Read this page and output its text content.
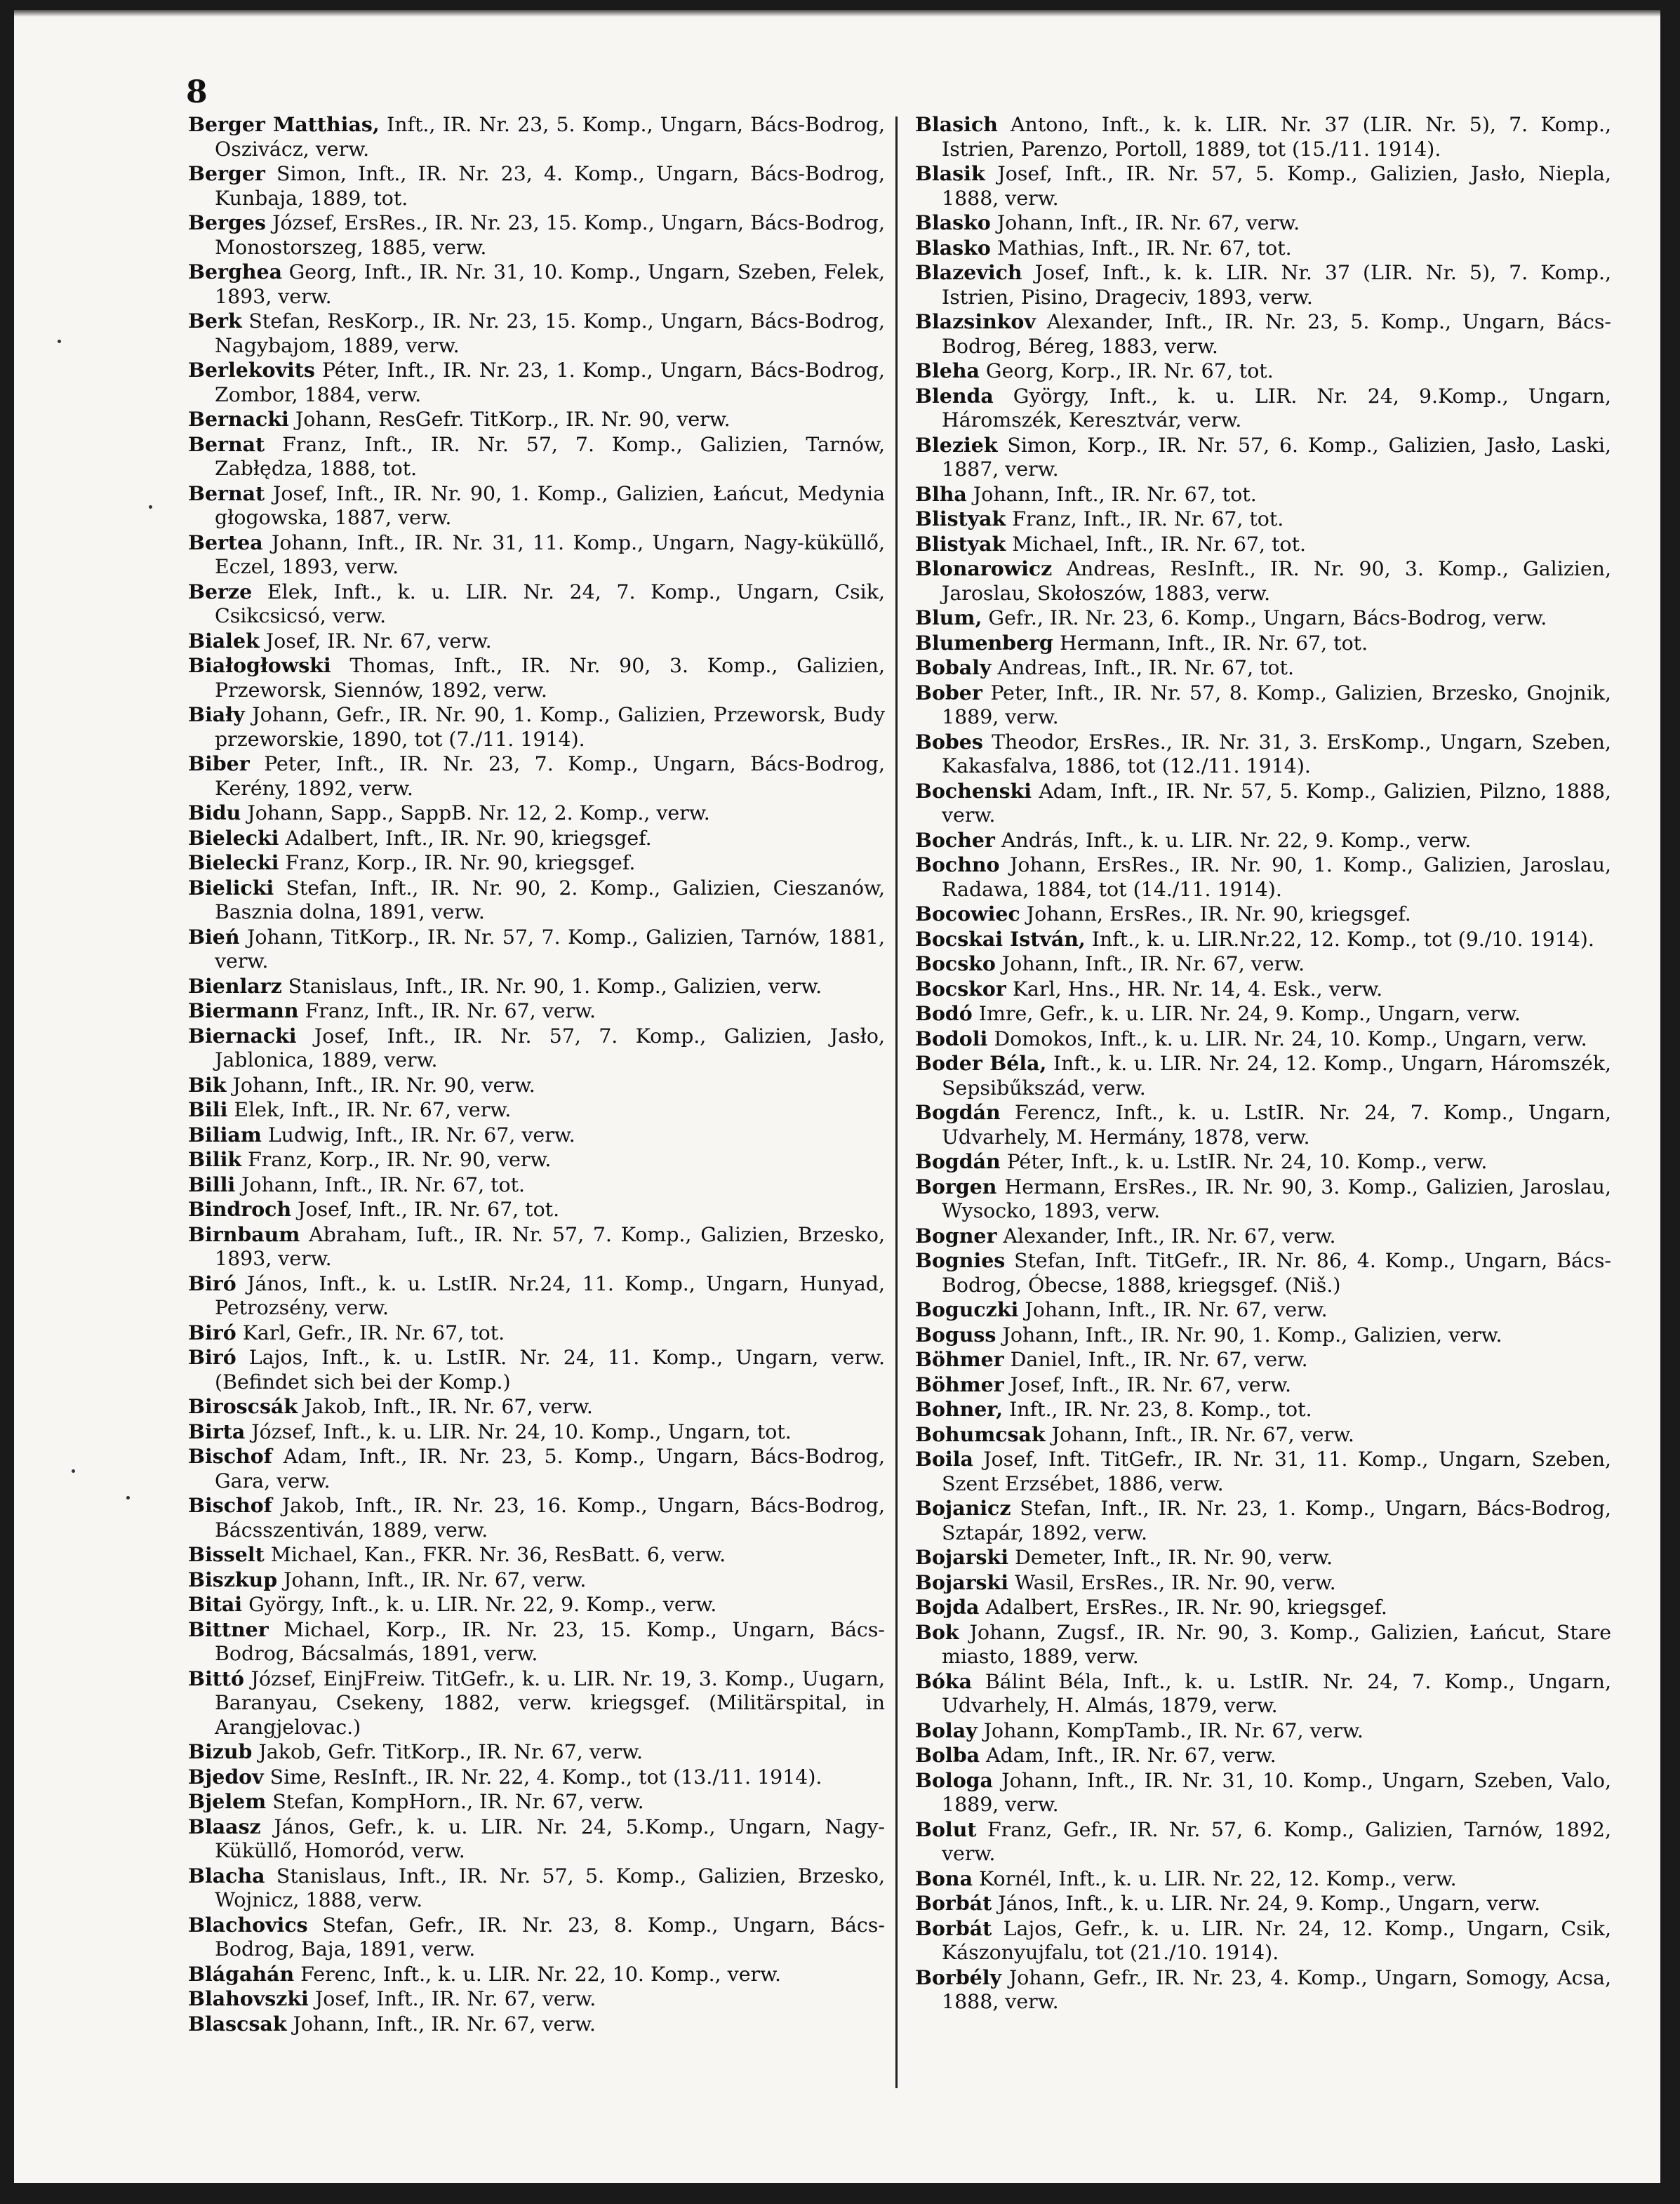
8

Berger Matthias, Inft., IR. Nr. 23, 5. Komp., Ungarn, Bács-Bodrog, Oszivácz, verw.

Berger Simon, Inft., IR. Nr. 23, 4. Komp., Ungarn, Bács-Bodrog, Kunbaja, 1889, tot.

Berges József, ErsRes., IR. Nr. 23, 15. Komp., Ungarn, Bács-Bodrog, Monostorszeg, 1885, verw.

Berghea Georg, Inft., IR. Nr. 31, 10. Komp., Ungarn, Szeben, Felek, 1893, verw.

Berk Stefan, ResKorp., IR. Nr. 23, 15. Komp., Ungarn, Bács-Bodrog, Nagybajom, 1889, verw.

Berlekovits Péter, Inft., IR. Nr. 23, 1. Komp., Ungarn, Bács-Bodrog, Zombor, 1884, verw.

Bernacki Johann, ResGefr. TitKorp., IR. Nr. 90, verw.

Bernat Franz, Inft., IR. Nr. 57, 7. Komp., Galizien, Tarnów, Zabłędza, 1888, tot.

Bernat Josef, Inft., IR. Nr. 90, 1. Komp., Galizien, Łańcut, Medynia głogowska, 1887, verw.

Bertea Johann, Inft., IR. Nr. 31, 11. Komp., Ungarn, Nagy-küküllő, Eczel, 1893, verw.

Berze Elek, Inft., k. u. LIR. Nr. 24, 7. Komp., Ungarn, Csik, Csikcsicsó, verw.

Bialek Josef, IR. Nr. 67, verw.

Białogłowski Thomas, Inft., IR. Nr. 90, 3. Komp., Galizien, Przeworsk, Siennów, 1892, verw.

Biały Johann, Gefr., IR. Nr. 90, 1. Komp., Galizien, Przeworsk, Budy przeworskie, 1890, tot (7./11. 1914).

Biber Peter, Inft., IR. Nr. 23, 7. Komp., Ungarn, Bács-Bodrog, Kerény, 1892, verw.

Bidu Johann, Sapp., SappB. Nr. 12, 2. Komp., verw.

Bielecki Adalbert, Inft., IR. Nr. 90, kriegsgef.

Bielecki Franz, Korp., IR. Nr. 90, kriegsgef.

Bielicki Stefan, Inft., IR. Nr. 90, 2. Komp., Galizien, Cieszanów, Basznia dolna, 1891, verw.

Bień Johann, TitKorp., IR. Nr. 57, 7. Komp., Galizien, Tarnów, 1881, verw.

Bienlarz Stanislaus, Inft., IR. Nr. 90, 1. Komp., Galizien, verw.

Biermann Franz, Inft., IR. Nr. 67, verw.

Biernacki Josef, Inft., IR. Nr. 57, 7. Komp., Galizien, Jasło, Jablonica, 1889, verw.

Bik Johann, Inft., IR. Nr. 90, verw.

Bili Elek, Inft., IR. Nr. 67, verw.

Biliam Ludwig, Inft., IR. Nr. 67, verw.

Bilik Franz, Korp., IR. Nr. 90, verw.

Billi Johann, Inft., IR. Nr. 67, tot.

Bindroch Josef, Inft., IR. Nr. 67, tot.

Birnbaum Abraham, Iuft., IR. Nr. 57, 7. Komp., Galizien, Brzesko, 1893, verw.

Biró János, Inft., k. u. LstIR. Nr.24, 11. Komp., Ungarn, Hunyad, Petrozsény, verw.

Biró Karl, Gefr., IR. Nr. 67, tot.

Biró Lajos, Inft., k. u. LstIR. Nr. 24, 11. Komp., Ungarn, verw. (Befindet sich bei der Komp.)

Biroscsák Jakob, Inft., IR. Nr. 67, verw.

Birta József, Inft., k. u. LIR. Nr. 24, 10. Komp., Ungarn, tot.

Bischof Adam, Inft., IR. Nr. 23, 5. Komp., Ungarn, Bács-Bodrog, Gara, verw.

Bischof Jakob, Inft., IR. Nr. 23, 16. Komp., Ungarn, Bács-Bodrog, Bácsszentiván, 1889, verw.

Bisselt Michael, Kan., FKR. Nr. 36, ResBatt. 6, verw.

Biszkup Johann, Inft., IR. Nr. 67, verw.

Bitai György, Inft., k. u. LIR. Nr. 22, 9. Komp., verw.

Bittner Michael, Korp., IR. Nr. 23, 15. Komp., Ungarn, Bács-Bodrog, Bácsalmás, 1891, verw.

Bittó József, EinjFreiw. TitGefr., k. u. LIR. Nr. 19, 3. Komp., Uugarn, Baranyau, Csekeny, 1882, verw. kriegsgef. (Militärspital, in Arangjelovac.)

Bizub Jakob, Gefr. TitKorp., IR. Nr. 67, verw.

Bjedov Sime, ResInft., IR. Nr. 22, 4. Komp., tot (13./11. 1914).

Bjelem Stefan, KompHorn., IR. Nr. 67, verw.

Blaasz János, Gefr., k. u. LIR. Nr. 24, 5.Komp., Ungarn, Nagy-Küküllő, Homoród, verw.

Blacha Stanislaus, Inft., IR. Nr. 57, 5. Komp., Galizien, Brzesko, Wojnicz, 1888, verw.

Blachovics Stefan, Gefr., IR. Nr. 23, 8. Komp., Ungarn, Bács-Bodrog, Baja, 1891, verw.

Blágahán Ferenc, Inft., k. u. LIR. Nr. 22, 10. Komp., verw.

Blahovszki Josef, Inft., IR. Nr. 67, verw.

Blascsak Johann, Inft., IR. Nr. 67, verw.

Blasich Antono, Inft., k. k. LIR. Nr. 37 (LIR. Nr. 5), 7. Komp., Istrien, Parenzo, Portoll, 1889, tot (15./11. 1914).

Blasik Josef, Inft., IR. Nr. 57, 5. Komp., Galizien, Jasło, Niepla, 1888, verw.

Blasko Johann, Inft., IR. Nr. 67, verw.

Blasko Mathias, Inft., IR. Nr. 67, tot.

Blazevich Josef, Inft., k. k. LIR. Nr. 37 (LIR. Nr. 5), 7. Komp., Istrien, Pisino, Drageciv, 1893, verw.

Blazsinkov Alexander, Inft., IR. Nr. 23, 5. Komp., Ungarn, Bács-Bodrog, Béreg, 1883, verw.

Bleha Georg, Korp., IR. Nr. 67, tot.

Blenda György, Inft., k. u. LIR. Nr. 24, 9.Komp., Ungarn, Háromszék, Keresztvár, verw.

Bleziek Simon, Korp., IR. Nr. 57, 6. Komp., Galizien, Jasło, Laski, 1887, verw.

Blha Johann, Inft., IR. Nr. 67, tot.

Blistyak Franz, Inft., IR. Nr. 67, tot.

Blistyak Michael, Inft., IR. Nr. 67, tot.

Blonarowicz Andreas, ResInft., IR. Nr. 90, 3. Komp., Galizien, Jaroslau, Skołoszów, 1883, verw.

Blum, Gefr., IR. Nr. 23, 6. Komp., Ungarn, Bács-Bodrog, verw.

Blumenberg Hermann, Inft., IR. Nr. 67, tot.

Bobaly Andreas, Inft., IR. Nr. 67, tot.

Bober Peter, Inft., IR. Nr. 57, 8. Komp., Galizien, Brzesko, Gnojnik, 1889, verw.

Bobes Theodor, ErsRes., IR. Nr. 31, 3. ErsKomp., Ungarn, Szeben, Kakasfalva, 1886, tot (12./11. 1914).

Bochenski Adam, Inft., IR. Nr. 57, 5. Komp., Galizien, Pilzno, 1888, verw.

Bocher András, Inft., k. u. LIR. Nr. 22, 9. Komp., verw.

Bochno Johann, ErsRes., IR. Nr. 90, 1. Komp., Galizien, Jaroslau, Radawa, 1884, tot (14./11. 1914).

Bocowiec Johann, ErsRes., IR. Nr. 90, kriegsgef.

Bocskai István, Inft., k. u. LIR.Nr.22, 12. Komp., tot (9./10. 1914).

Bocsko Johann, Inft., IR. Nr. 67, verw.

Bocskor Karl, Hns., HR. Nr. 14, 4. Esk., verw.

Bodó Imre, Gefr., k. u. LIR. Nr. 24, 9. Komp., Ungarn, verw.

Bodoli Domokos, Inft., k. u. LIR. Nr. 24, 10. Komp., Ungarn, verw.

Boder Béla, Inft., k. u. LIR. Nr. 24, 12. Komp., Ungarn, Háromszék, Sepsibűkszád, verw.

Bogdán Ferencz, Inft., k. u. LstIR. Nr. 24, 7. Komp., Ungarn, Udvarhely, M. Hermány, 1878, verw.

Bogdán Péter, Inft., k. u. LstIR. Nr. 24, 10. Komp., verw.

Borgen Hermann, ErsRes., IR. Nr. 90, 3. Komp., Galizien, Jaroslau, Wysocko, 1893, verw.

Bogner Alexander, Inft., IR. Nr. 67, verw.

Bognies Stefan, Inft. TitGefr., IR. Nr. 86, 4. Komp., Ungarn, Bács-Bodrog, Óbecse, 1888, kriegsgef. (Niš.)

Boguczki Johann, Inft., IR. Nr. 67, verw.

Boguss Johann, Inft., IR. Nr. 90, 1. Komp., Galizien, verw.

Böhmer Daniel, Inft., IR. Nr. 67, verw.

Böhmer Josef, Inft., IR. Nr. 67, verw.

Bohner, Inft., IR. Nr. 23, 8. Komp., tot.

Bohumcsak Johann, Inft., IR. Nr. 67, verw.

Boila Josef, Inft. TitGefr., IR. Nr. 31, 11. Komp., Ungarn, Szeben, Szent Erzsébet, 1886, verw.

Bojanicz Stefan, Inft., IR. Nr. 23, 1. Komp., Ungarn, Bács-Bodrog, Sztapár, 1892, verw.

Bojarski Demeter, Inft., IR. Nr. 90, verw.

Bojarski Wasil, ErsRes., IR. Nr. 90, verw.

Bojda Adalbert, ErsRes., IR. Nr. 90, kriegsgef.

Bok Johann, Zugsf., IR. Nr. 90, 3. Komp., Galizien, Łańcut, Stare miasto, 1889, verw.

Bóka Bálint Béla, Inft., k. u. LstIR. Nr. 24, 7. Komp., Ungarn, Udvarhely, H. Almás, 1879, verw.

Bolay Johann, KompTamb., IR. Nr. 67, verw.

Bolba Adam, Inft., IR. Nr. 67, verw.

Bologa Johann, Inft., IR. Nr. 31, 10. Komp., Ungarn, Szeben, Valo, 1889, verw.

Bolut Franz, Gefr., IR. Nr. 57, 6. Komp., Galizien, Tarnów, 1892, verw.

Bona Kornél, Inft., k. u. LIR. Nr. 22, 12. Komp., verw.

Borbát János, Inft., k. u. LIR. Nr. 24, 9. Komp., Ungarn, verw.

Borbát Lajos, Gefr., k. u. LIR. Nr. 24, 12. Komp., Ungarn, Csik, Kászonyujfalu, tot (21./10. 1914).

Borbély Johann, Gefr., IR. Nr. 23, 4. Komp., Ungarn, Somogy, Acsa, 1888, verw.
